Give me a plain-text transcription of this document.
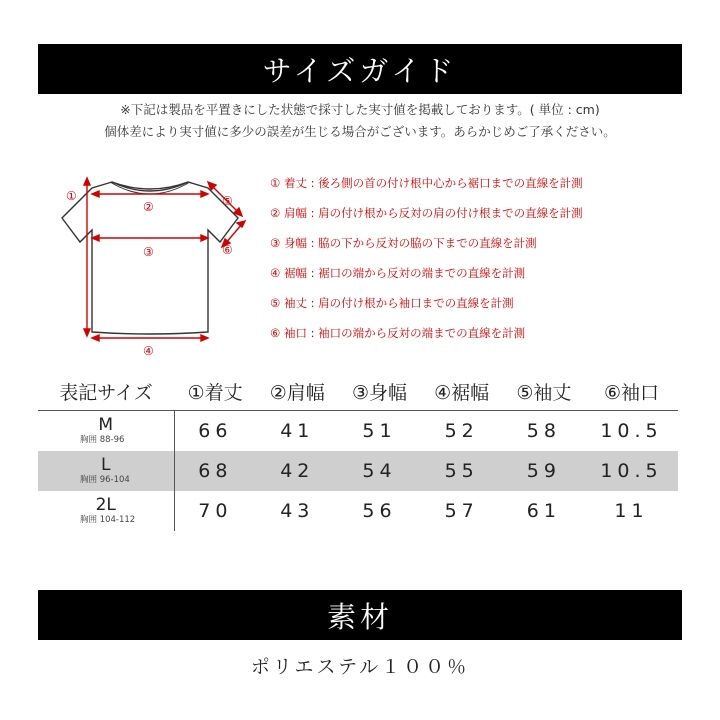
サイズガイド
※下記は製品を平置きにした状態で採寸した実寸値を掲載しております。( 単位 : cm)
個体差により実寸値に多少の誤差が生じる場合がございます。あらかじめご了承ください。
①
②
③
④
⑤
⑥
① 着丈 : 後ろ側の首の付け根中心から裾口までの直線を計測
② 肩幅 : 肩の付け根から反対の肩の付け根までの直線を計測
③ 身幅 : 脇の下から反対の脇の下までの直線を計測
④ 裾幅 : 裾口の端から反対の端までの直線を計測
⑤ 袖丈 : 肩の付け根から袖口までの直線を計測
⑥ 袖口 : 袖口の端から反対の端までの直線を計測
表記サイズ	①着丈	②肩幅	③身幅	④裾幅	⑤袖丈	⑥袖口

M
胸囲 88-96	66	41	51	52	58	10.5

L
胸囲 96-104	68	42	54	55	59	10.5

2L
胸囲 104-112	70	43	56	57	61	11
素材
ポリエステル１００％
